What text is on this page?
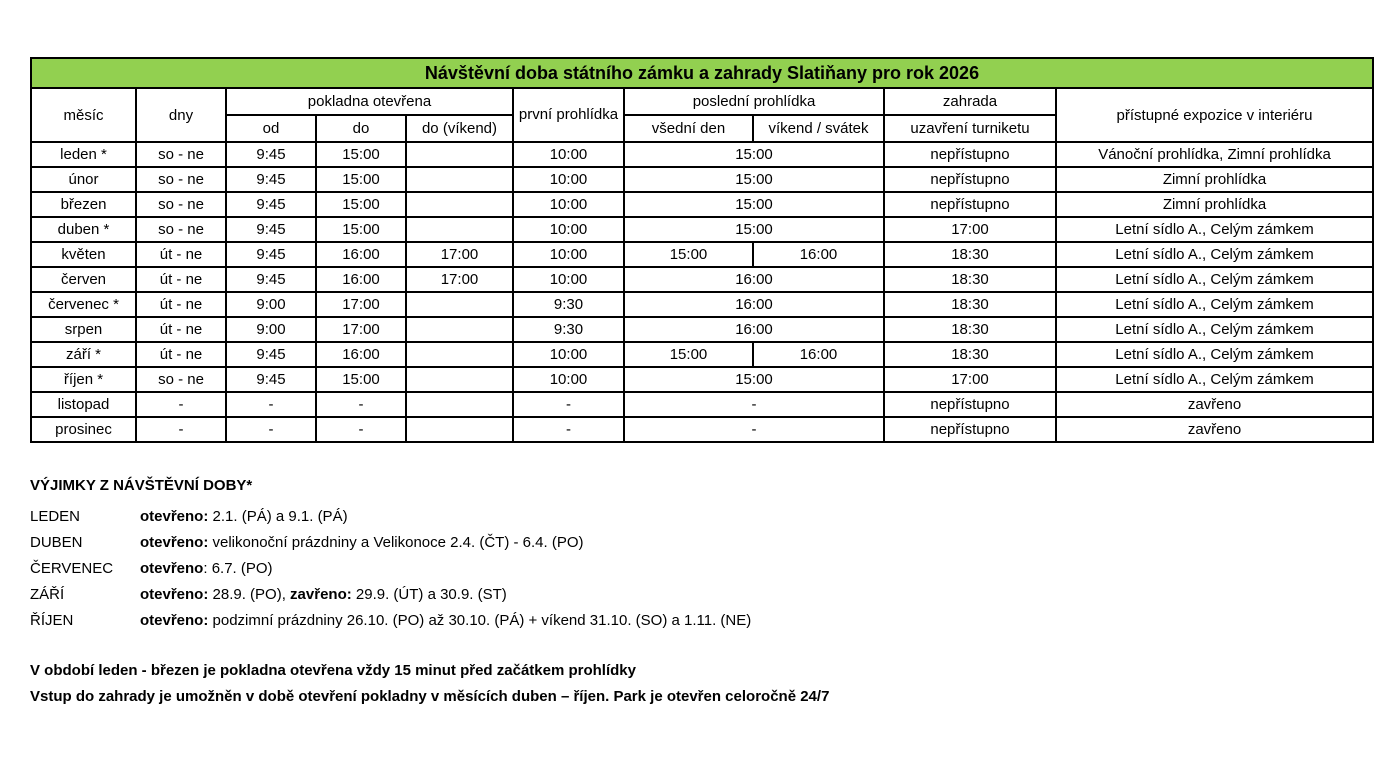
Návštěvní doba státního zámku a zahrady Slatiňany pro rok 2026									
měsíc	dny	pokladna otevřena			první prohlídka	poslední prohlídka		zahrada	přístupné expozice v interiéru
		od	do	do (víkend)		všední den	víkend / svátek	uzavření turniketu	
leden *	so - ne	9:45	15:00		10:00	15:00		nepřístupno	Vánoční prohlídka, Zimní prohlídka
únor	so - ne	9:45	15:00		10:00	15:00		nepřístupno	Zimní prohlídka
březen	so - ne	9:45	15:00		10:00	15:00		nepřístupno	Zimní prohlídka
duben *	so - ne	9:45	15:00		10:00	15:00		17:00	Letní sídlo A., Celým zámkem
květen	út - ne	9:45	16:00	17:00	10:00	15:00	16:00	18:30	Letní sídlo A., Celým zámkem
červen	út - ne	9:45	16:00	17:00	10:00	16:00		18:30	Letní sídlo A., Celým zámkem
červenec *	út - ne	9:00	17:00		9:30	16:00		18:30	Letní sídlo A., Celým zámkem
srpen	út - ne	9:00	17:00		9:30	16:00		18:30	Letní sídlo A., Celým zámkem
září *	út - ne	9:45	16:00		10:00	15:00	16:00	18:30	Letní sídlo A., Celým zámkem
říjen *	so - ne	9:45	15:00		10:00	15:00		17:00	Letní sídlo A., Celým zámkem
listopad	-	-	-		-	-		nepřístupno	zavřeno
prosinec	-	-	-		-	-		nepřístupno	zavřeno
VÝJIMKY Z NÁVŠTĚVNÍ DOBY*
LEDEN	otevřeno: 2.1. (PÁ) a 9.1. (PÁ)
DUBEN	otevřeno: velikonoční prázdniny a Velikonoce 2.4. (ČT) - 6.4. (PO)
ČERVENEC	otevřeno: 6.7. (PO)
ZÁŘÍ	otevřeno: 28.9. (PO), zavřeno: 29.9. (ÚT) a 30.9. (ST)
ŘÍJEN	otevřeno: podzimní prázdniny 26.10. (PO) až 30.10. (PÁ) + víkend 31.10. (SO) a 1.11. (NE)
V období leden - březen je pokladna otevřena vždy 15 minut před začátkem prohlídky
Vstup do zahrady je umožněn v době otevření pokladny v měsících duben – říjen. Park je otevřen celoročně 24/7
